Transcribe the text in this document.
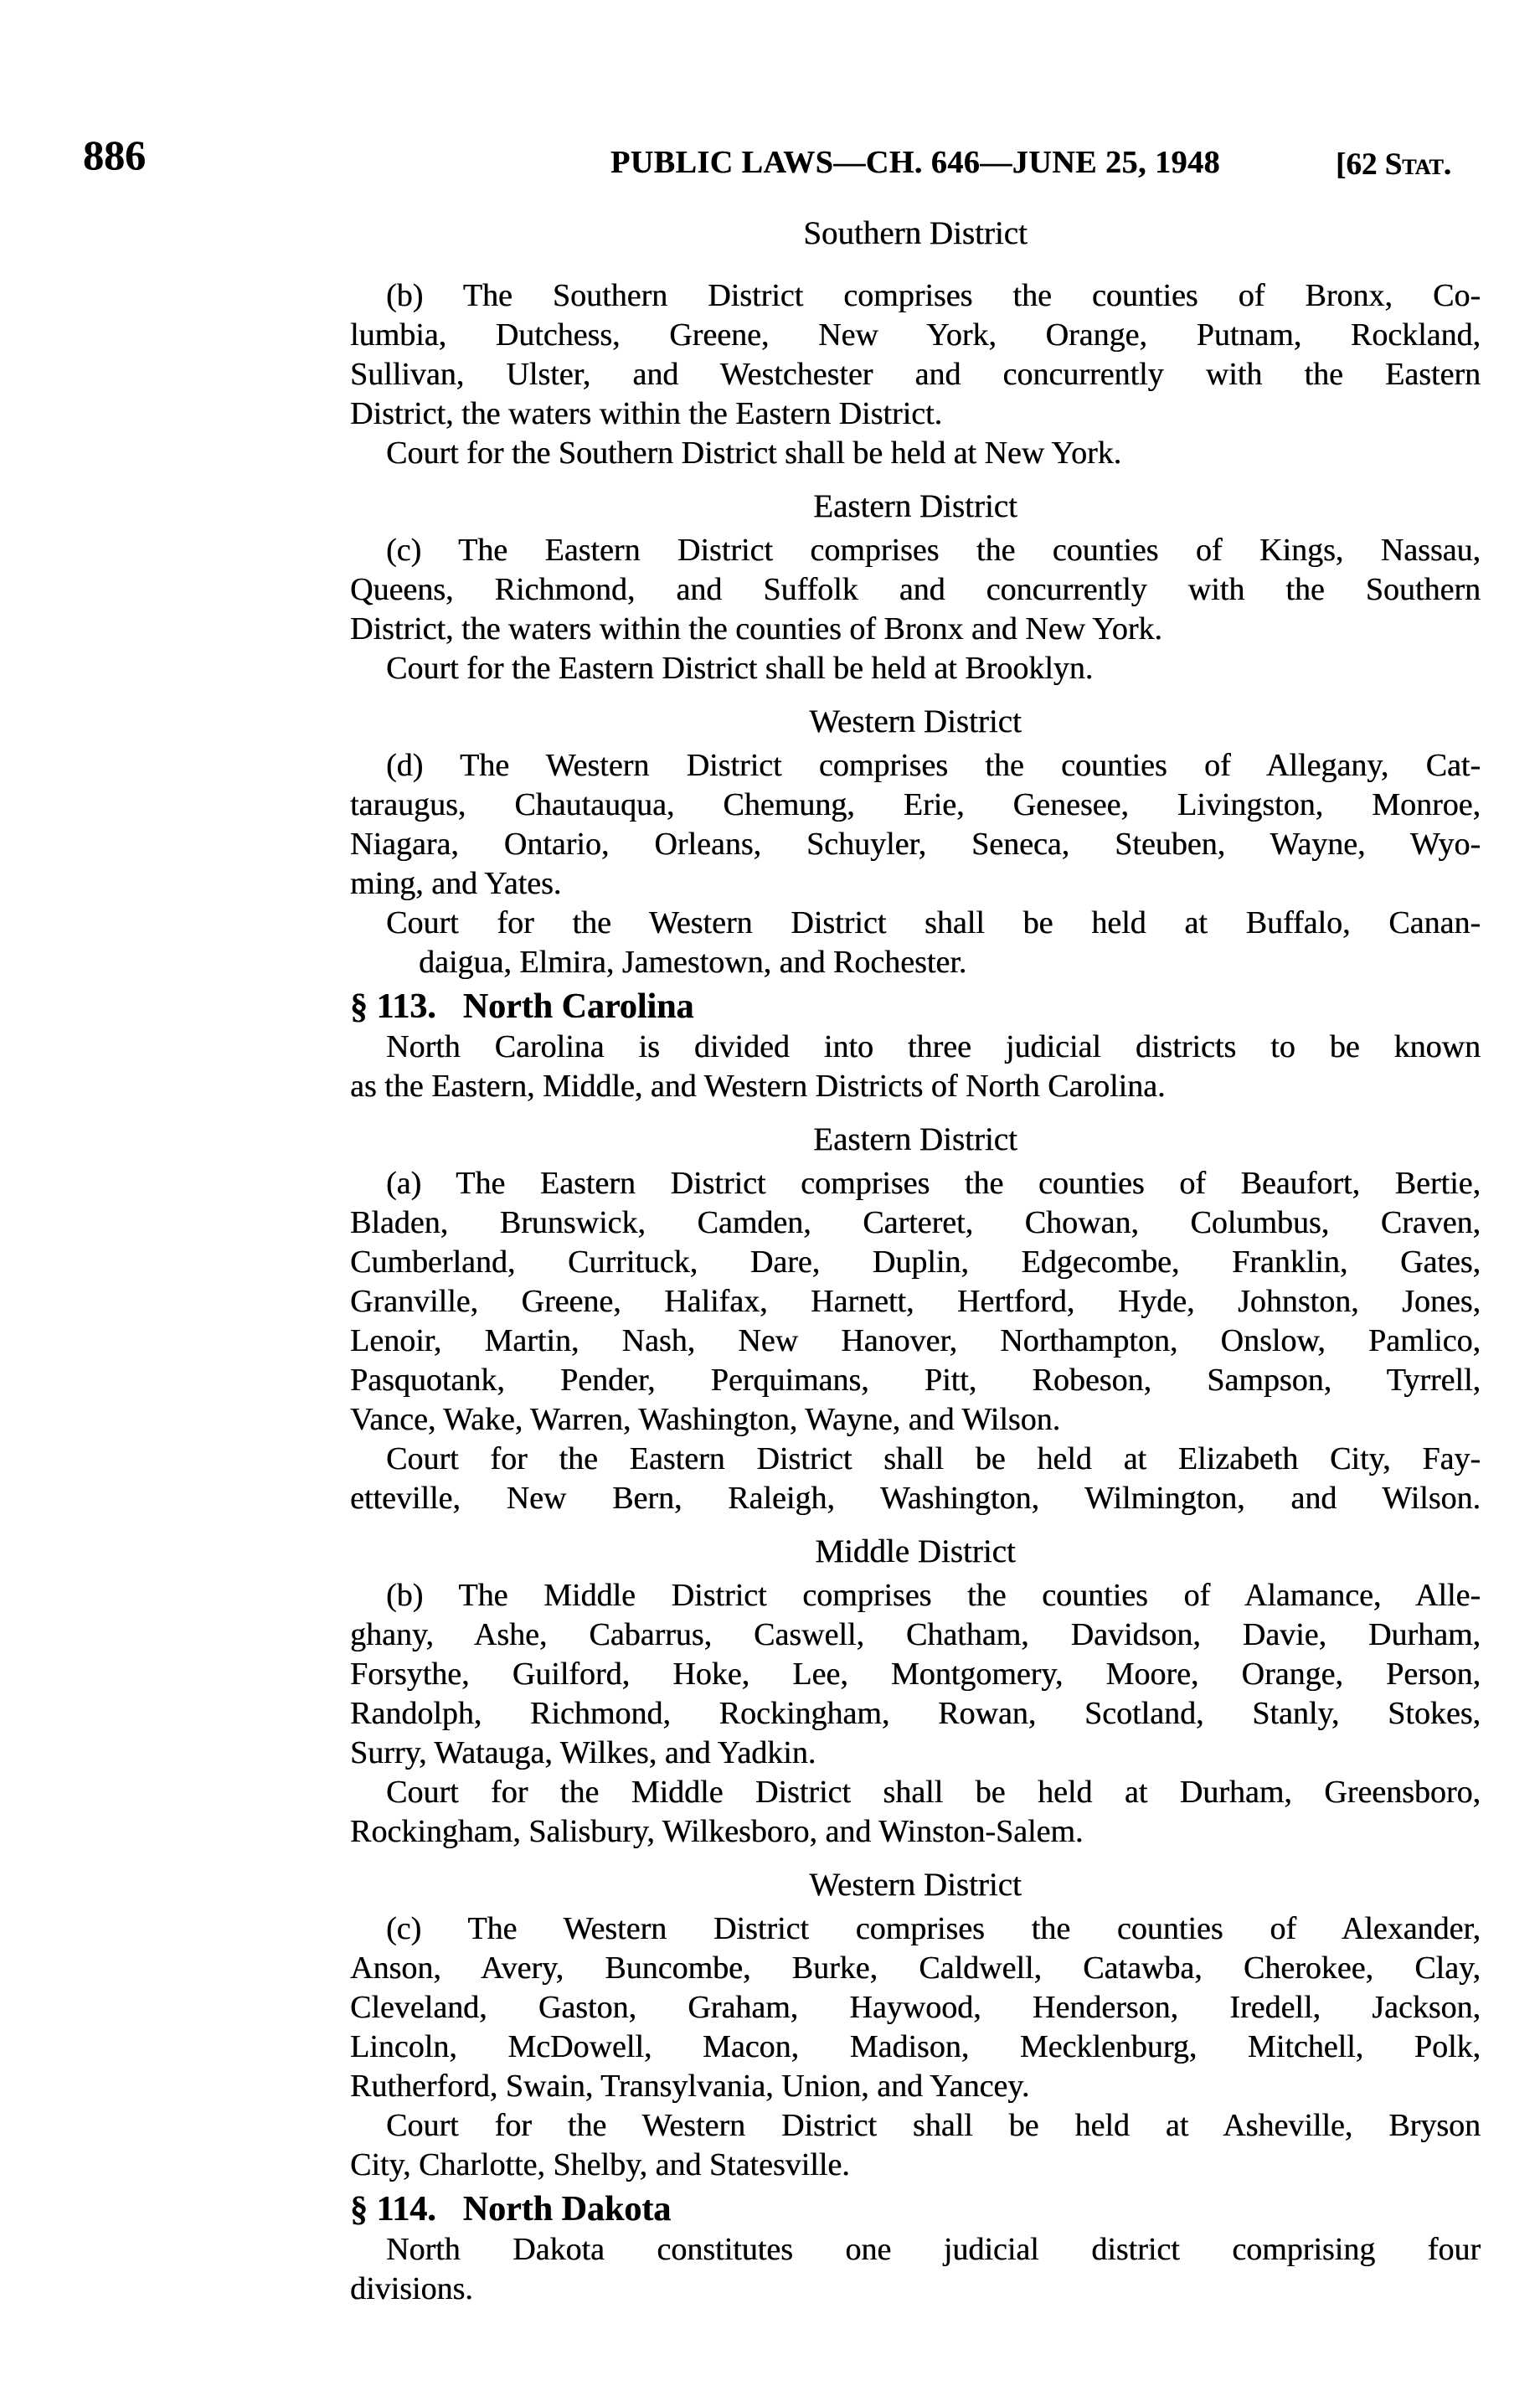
886	PUBLIC LAWS—CH. 646—JUNE 25, 1948	[62 Stat.
Southern District
(b) The Southern District comprises the counties of Bronx, Co-
lumbia, Dutchess, Greene, New York, Orange, Putnam, Rockland,
Sullivan, Ulster, and Westchester and concurrently with the Eastern
District, the waters within the Eastern District.
Court for the Southern District shall be held at New York.
Eastern District
(c) The Eastern District comprises the counties of Kings, Nassau,
Queens, Richmond, and Suffolk and concurrently with the Southern
District, the waters within the counties of Bronx and New York.
Court for the Eastern District shall be held at Brooklyn.
Western District
(d) The Western District comprises the counties of Allegany, Cat-
taraugus, Chautauqua, Chemung, Erie, Genesee, Livingston, Monroe,
Niagara, Ontario, Orleans, Schuyler, Seneca, Steuben, Wayne, Wyo-
ming, and Yates.
Court for the Western District shall be held at Buffalo, Canan-
daigua, Elmira, Jamestown, and Rochester.
§ 113. North Carolina
North Carolina is divided into three judicial districts to be known
as the Eastern, Middle, and Western Districts of North Carolina.
Eastern District
(a) The Eastern District comprises the counties of Beaufort, Bertie,
Bladen, Brunswick, Camden, Carteret, Chowan, Columbus, Craven,
Cumberland, Currituck, Dare, Duplin, Edgecombe, Franklin, Gates,
Granville, Greene, Halifax, Harnett, Hertford, Hyde, Johnston, Jones,
Lenoir, Martin, Nash, New Hanover, Northampton, Onslow, Pamlico,
Pasquotank, Pender, Perquimans, Pitt, Robeson, Sampson, Tyrrell,
Vance, Wake, Warren, Washington, Wayne, and Wilson.
Court for the Eastern District shall be held at Elizabeth City, Fay-
etteville, New Bern, Raleigh, Washington, Wilmington, and Wilson.
Middle District
(b) The Middle District comprises the counties of Alamance, Alle-
ghany, Ashe, Cabarrus, Caswell, Chatham, Davidson, Davie, Durham,
Forsythe, Guilford, Hoke, Lee, Montgomery, Moore, Orange, Person,
Randolph, Richmond, Rockingham, Rowan, Scotland, Stanly, Stokes,
Surry, Watauga, Wilkes, and Yadkin.
Court for the Middle District shall be held at Durham, Greensboro,
Rockingham, Salisbury, Wilkesboro, and Winston-Salem.
Western District
(c) The Western District comprises the counties of Alexander,
Anson, Avery, Buncombe, Burke, Caldwell, Catawba, Cherokee, Clay,
Cleveland, Gaston, Graham, Haywood, Henderson, Iredell, Jackson,
Lincoln, McDowell, Macon, Madison, Mecklenburg, Mitchell, Polk,
Rutherford, Swain, Transylvania, Union, and Yancey.
Court for the Western District shall be held at Asheville, Bryson
City, Charlotte, Shelby, and Statesville.
§ 114. North Dakota
North Dakota constitutes one judicial district comprising four
divisions.
